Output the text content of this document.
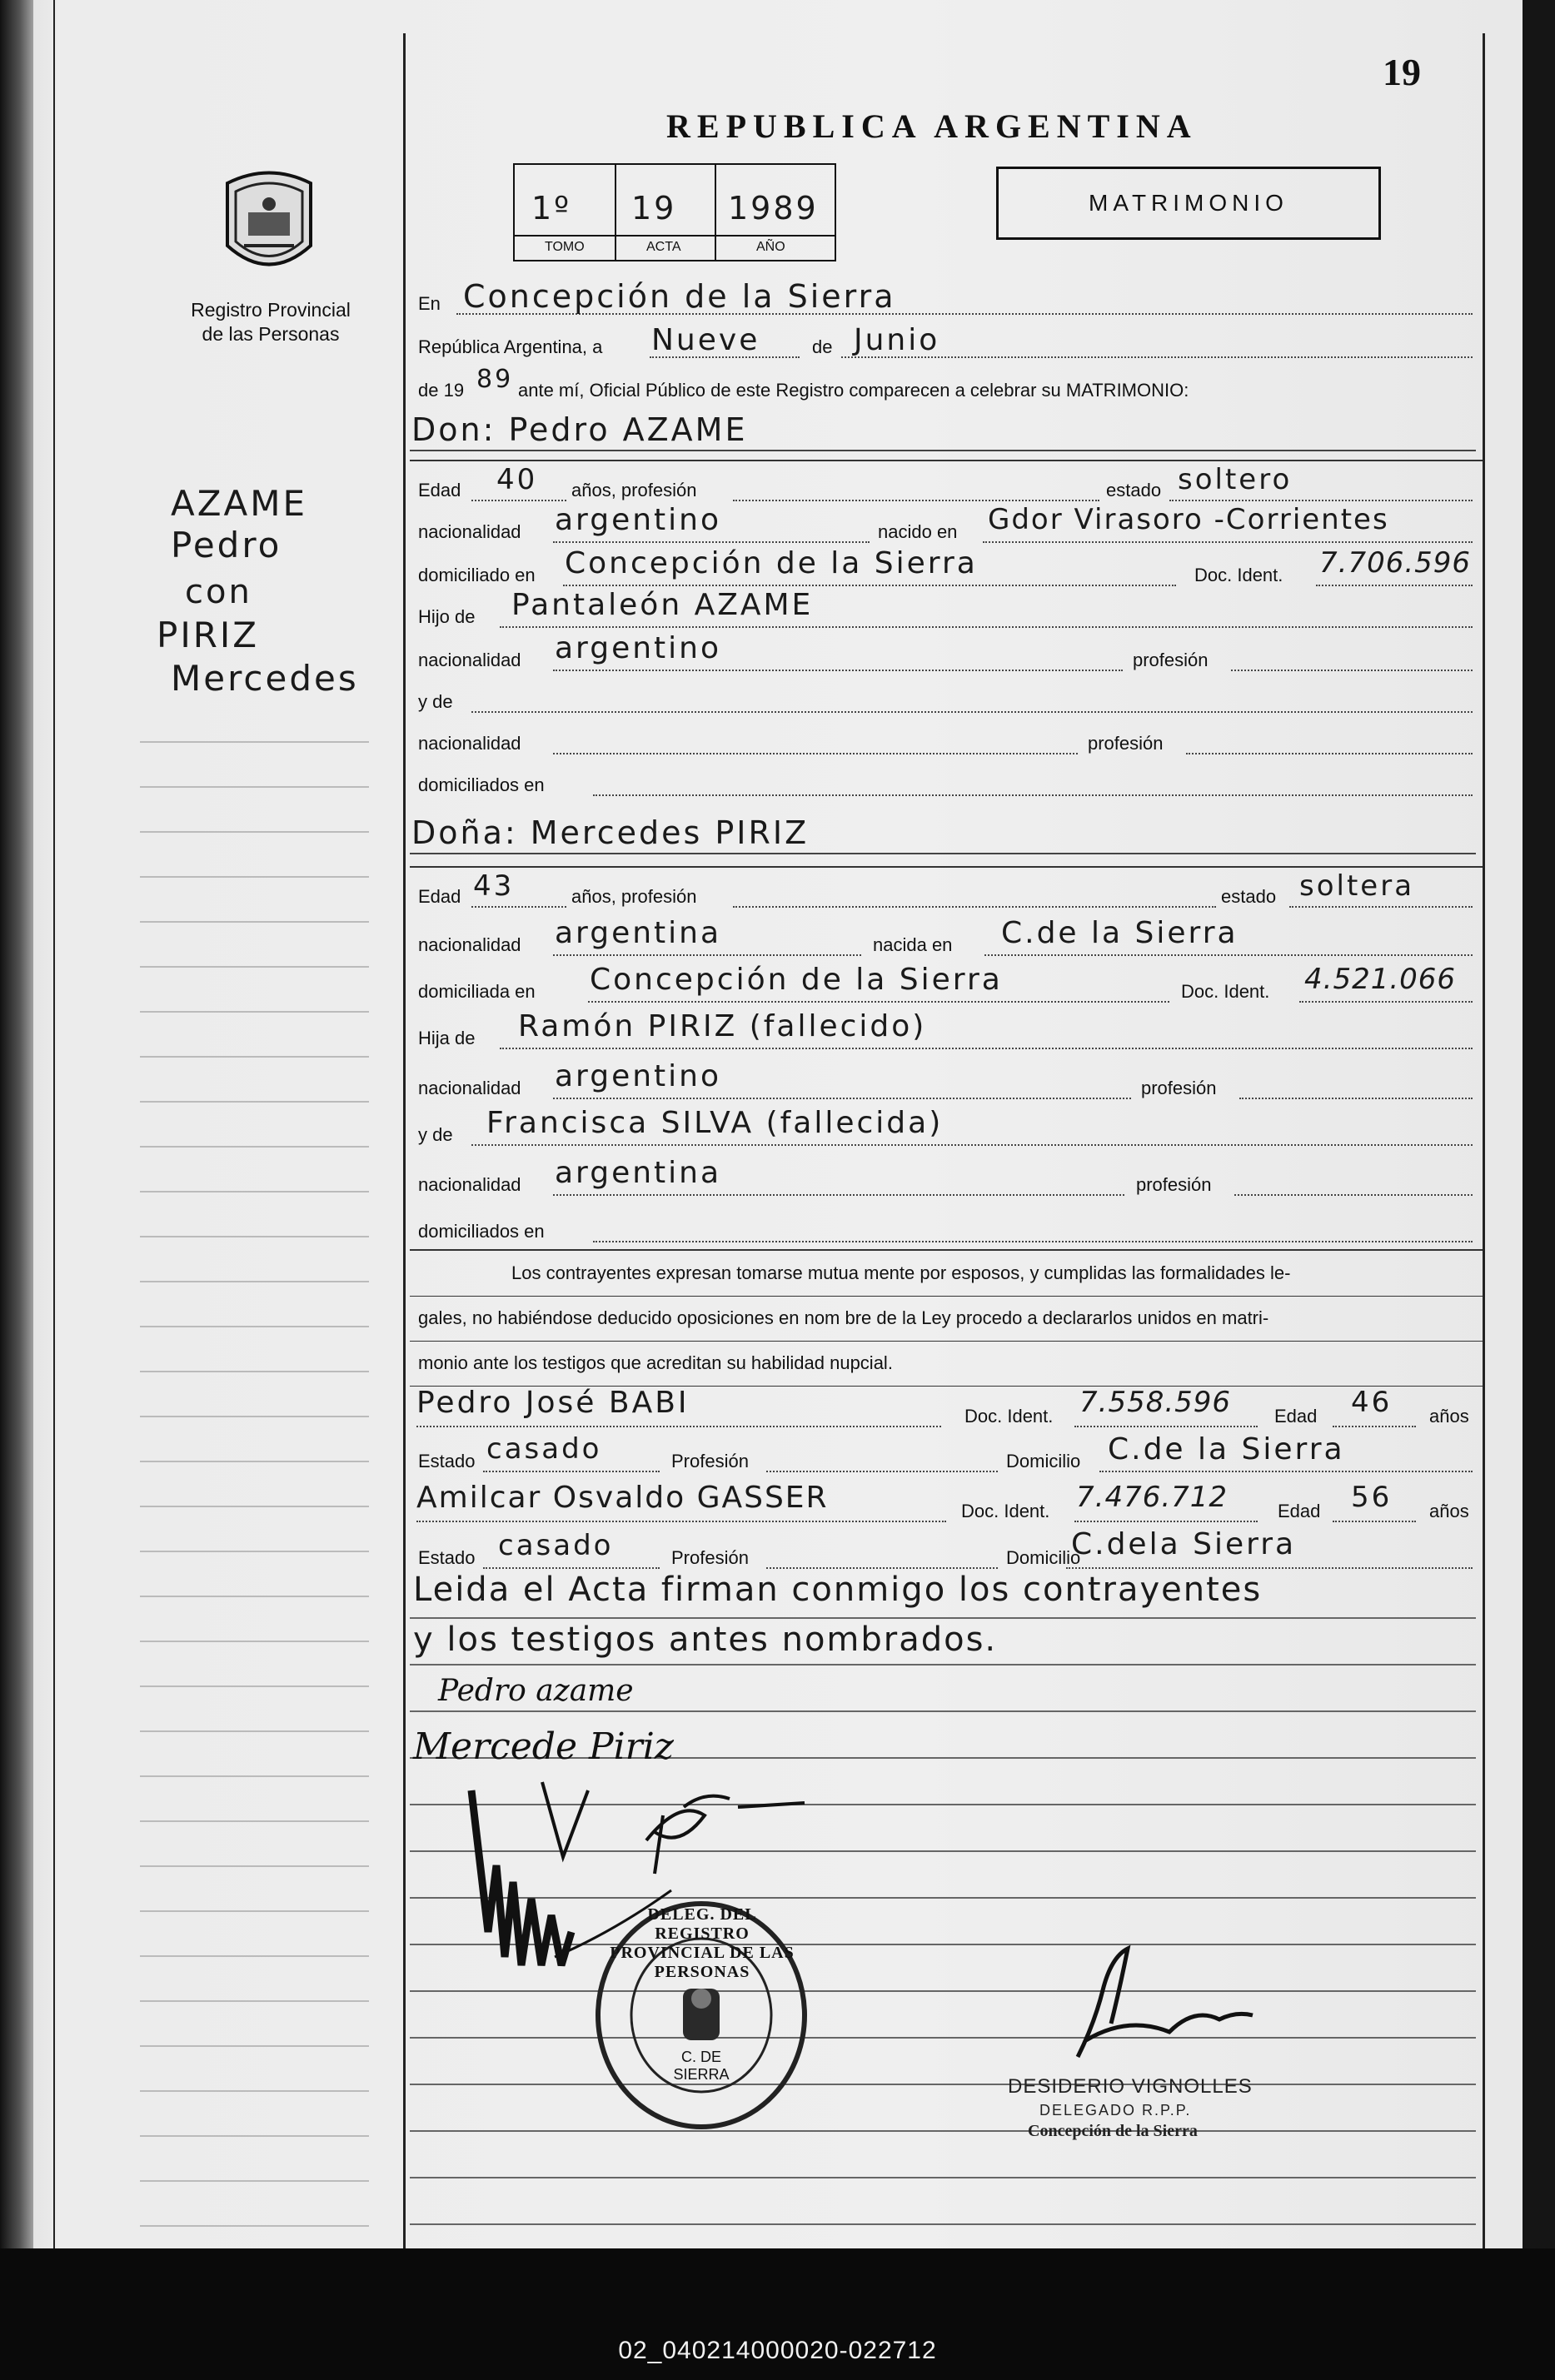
19
REPUBLICA ARGENTINA
MATRIMONIO
1º 19 1989
TOMO	ACTA	AÑO
Registro Provincial
de las Personas
AZAME
Pedro
con
PIRIZ
Mercedes
En Concepción de la Sierra
República Argentina, a Nueve	de Junio
de 19 89 ante mí, Oficial Público de este Registro comparecen a celebrar su MATRIMONIO:
Don: Pedro AZAME
Edad 40 años, profesión	estado soltero
nacionalidad argentino	nacido en Gdor Virasoro -Corrientes
domiciliado en Concepción de la Sierra	Doc. Ident. 7.706.596
Hijo de Pantaleón AZAME
nacionalidad argentino	profesión
y de
nacionalidad	profesión
domiciliados en
Doña: Mercedes PIRIZ
Edad 43	años, profesión	estado soltera
nacionalidad argentina	nacida en C.de la Sierra
domiciliada en Concepción de la Sierra	Doc. Ident. 4.521.066
Hija de Ramón PIRIZ (fallecido)
nacionalidad argentino	profesión
y de Francisca SILVA (fallecida)
nacionalidad argentina	profesión
domiciliados en
Los contrayentes expresan tomarse mutua mente por esposos, y cumplidas las formalidades le-
gales, no habiéndose deducido oposiciones en nom bre de la Ley procedo a declararlos unidos en matri-
monio ante los testigos que acreditan su habilidad nupcial.
Pedro José BABI	Doc. Ident. 7.558.596 Edad 46 años
Estado casado	Profesión	Domicilio C.de la Sierra
Amilcar Osvaldo GASSER	Doc. Ident. 7.476.712	Edad 56 años
Estado casado	Profesión	Domicilio
C.dela Sierra
Leida el Acta firman conmigo los contrayentes
y los testigos antes nombrados.
Pedro azame
Mercede Piriz
DELEG. DEL REGISTRO PROVINCIAL DE LAS PERSONAS
C. DE SIERRA
DESIDERIO VIGNOLLES
DELEGADO R.P.P.
Concepción de la Sierra
02_040214000020-022712
